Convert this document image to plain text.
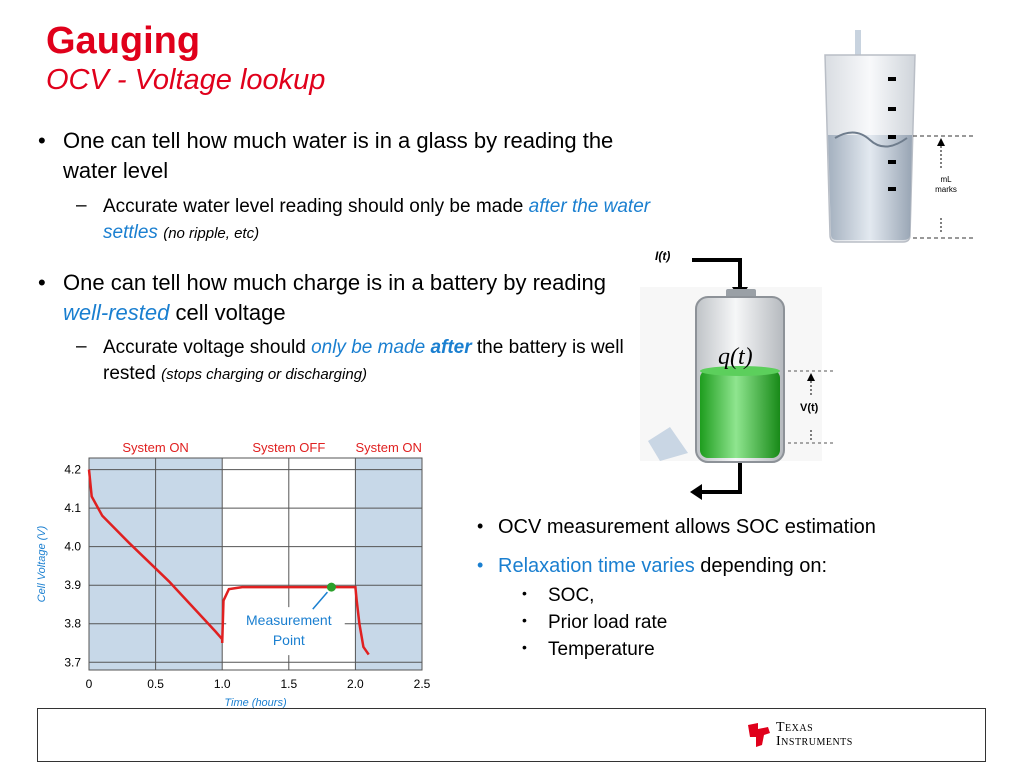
Gauging
OCV - Voltage lookup
• One can tell how much water is in a glass by reading the water level
– Accurate water level reading should only be made after the water settles (no ripple, etc)
• One can tell how much charge is in a battery by reading well-rested cell voltage
– Accurate voltage should only be made after the battery is well rested (stops charging or discharging)
mL
marks
I(t)
q(t)
V(t)
System ON	System OFF System ON
0	0.5	1.0	1.5	2.0	2.5
4.2
4.1
4.0
3.9
3.8
3.7
Measurement
Point
Time (hours)
Cell Voltage (V)	• OCV measurement allows SOC estimation
• Relaxation time varies depending on:
• SOC,
• Prior load rate
• Temperature
Texas
Instruments
